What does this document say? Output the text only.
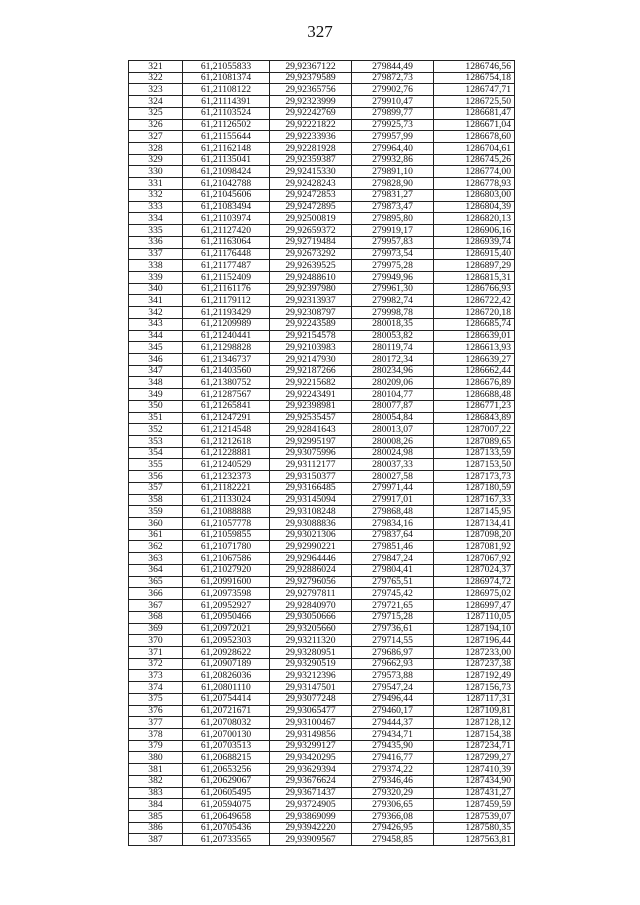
327
321	61,21055833	29,92367122	279844,49	1286746,56
322	61,21081374	29,92379589	279872,73	1286754,18
323	61,21108122	29,92365756	279902,76	1286747,71
324	61,21114391	29,92323999	279910,47	1286725,50
325	61,21103524	29,92242769	279899,77	1286681,47
326	61,21126502	29,92221822	279925,73	1286671,04
327	61,21155644	29,92233936	279957,99	1286678,60
328	61,21162148	29,92281928	279964,40	1286704,61
329	61,21135041	29,92359387	279932,86	1286745,26
330	61,21098424	29,92415330	279891,10	1286774,00
331	61,21042788	29,92428243	279828,90	1286778,93
332	61,21045606	29,92472853	279831,27	1286803,00
333	61,21083494	29,92472895	279873,47	1286804,39
334	61,21103974	29,92500819	279895,80	1286820,13
335	61,21127420	29,92659372	279919,17	1286906,16
336	61,21163064	29,92719484	279957,83	1286939,74
337	61,21176448	29,92673292	279973,54	1286915,40
338	61,21177487	29,92639525	279975,28	1286897,29
339	61,21152409	29,92488610	279949,96	1286815,31
340	61,21161176	29,92397980	279961,30	1286766,93
341	61,21179112	29,92313937	279982,74	1286722,42
342	61,21193429	29,92308797	279998,78	1286720,18
343	61,21209989	29,92243589	280018,35	1286685,74
344	61,21240441	29,92154578	280053,82	1286639,01
345	61,21298828	29,92103983	280119,74	1286613,93
346	61,21346737	29,92147930	280172,34	1286639,27
347	61,21403560	29,92187266	280234,96	1286662,44
348	61,21380752	29,92215682	280209,06	1286676,89
349	61,21287567	29,92243491	280104,77	1286688,48
350	61,21265841	29,92398981	280077,87	1286771,23
351	61,21247291	29,92535457	280054,84	1286843,89
352	61,21214548	29,92841643	280013,07	1287007,22
353	61,21212618	29,92995197	280008,26	1287089,65
354	61,21228881	29,93075996	280024,98	1287133,59
355	61,21240529	29,93112177	280037,33	1287153,50
356	61,21232373	29,93150377	280027,58	1287173,73
357	61,21182221	29,93166485	279971,44	1287180,59
358	61,21133024	29,93145094	279917,01	1287167,33
359	61,21088888	29,93108248	279868,48	1287145,95
360	61,21057778	29,93088836	279834,16	1287134,41
361	61,21059855	29,93021306	279837,64	1287098,20
362	61,21071780	29,92990221	279851,46	1287081,92
363	61,21067586	29,92964446	279847,24	1287067,92
364	61,21027920	29,92886024	279804,41	1287024,37
365	61,20991600	29,92796056	279765,51	1286974,72
366	61,20973598	29,92797811	279745,42	1286975,02
367	61,20952927	29,92840970	279721,65	1286997,47
368	61,20950466	29,93050666	279715,28	1287110,05
369	61,20972021	29,93205660	279736,61	1287194,10
370	61,20952303	29,93211320	279714,55	1287196,44
371	61,20928622	29,93280951	279686,97	1287233,00
372	61,20907189	29,93290519	279662,93	1287237,38
373	61,20826036	29,93212396	279573,88	1287192,49
374	61,20801110	29,93147501	279547,24	1287156,73
375	61,20754414	29,93077248	279496,44	1287117,31
376	61,20721671	29,93065477	279460,17	1287109,81
377	61,20708032	29,93100467	279444,37	1287128,12
378	61,20700130	29,93149856	279434,71	1287154,38
379	61,20703513	29,93299127	279435,90	1287234,71
380	61,20688215	29,93420295	279416,77	1287299,27
381	61,20653256	29,93629394	279374,22	1287410,39
382	61,20629067	29,93676624	279346,46	1287434,90
383	61,20605495	29,93671437	279320,29	1287431,27
384	61,20594075	29,93724905	279306,65	1287459,59
385	61,20649658	29,93869099	279366,08	1287539,07
386	61,20705436	29,93942220	279426,95	1287580,35
387	61,20733565	29,93909567	279458,85	1287563,81
